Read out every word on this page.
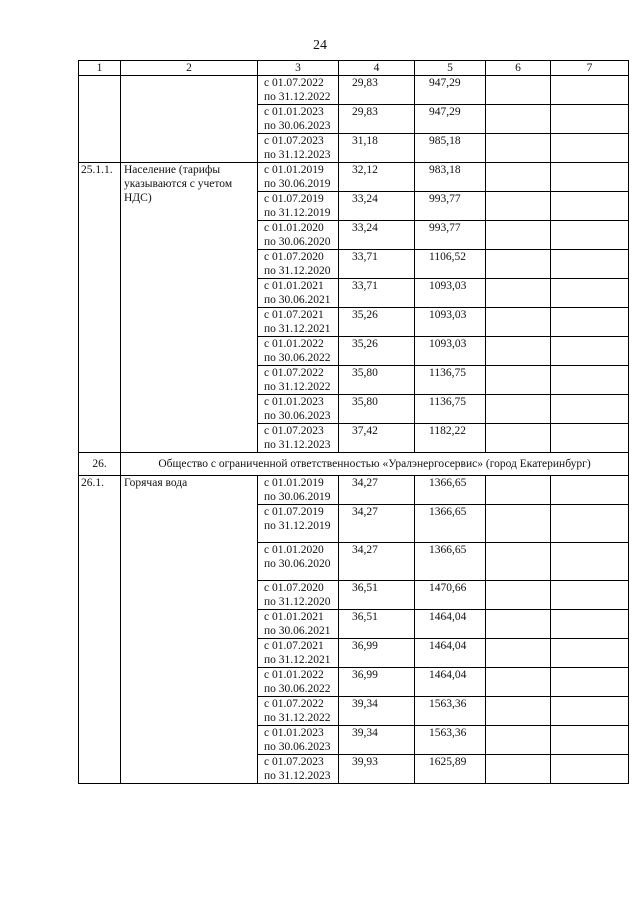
24
1	2	3	4	5	6	7

		с 01.07.2022
по 31.12.2022	29,83	947,29		

		с 01.01.2023
по 30.06.2023	29,83	947,29		

		с 01.07.2023
по 31.12.2023	31,18	985,18		
25.1.1.	Население (тарифы указываются с учетом НДС)	с 01.01.2019
по 30.06.2019	32,12	983,18		

		с 01.07.2019
по 31.12.2019	33,24	993,77		

		с 01.01.2020
по 30.06.2020	33,24	993,77		

		с 01.07.2020
по 31.12.2020	33,71	1106,52		

		с 01.01.2021
по 30.06.2021	33,71	1093,03		

		с 01.07.2021
по 31.12.2021	35,26	1093,03		

		с 01.01.2022
по 30.06.2022	35,26	1093,03		

		с 01.07.2022
по 31.12.2022	35,80	1136,75		

		с 01.01.2023
по 30.06.2023	35,80	1136,75		

		с 01.07.2023
по 31.12.2023	37,42	1182,22		
26.	Общество с ограниченной ответственностью «Уралэнергосервис» (город Екатеринбург)					
26.1.	Горячая вода	с 01.01.2019
по 30.06.2019	34,27	1366,65		

		с 01.07.2019
по 31.12.2019	34,27	1366,65		

		с 01.01.2020
по 30.06.2020	34,27	1366,65		

		с 01.07.2020
по 31.12.2020	36,51	1470,66		

		с 01.01.2021
по 30.06.2021	36,51	1464,04		

		с 01.07.2021
по 31.12.2021	36,99	1464,04		

		с 01.01.2022
по 30.06.2022	36,99	1464,04		

		с 01.07.2022
по 31.12.2022	39,34	1563,36		

		с 01.01.2023
по 30.06.2023	39,34	1563,36		

		с 01.07.2023
по 31.12.2023	39,93	1625,89		
